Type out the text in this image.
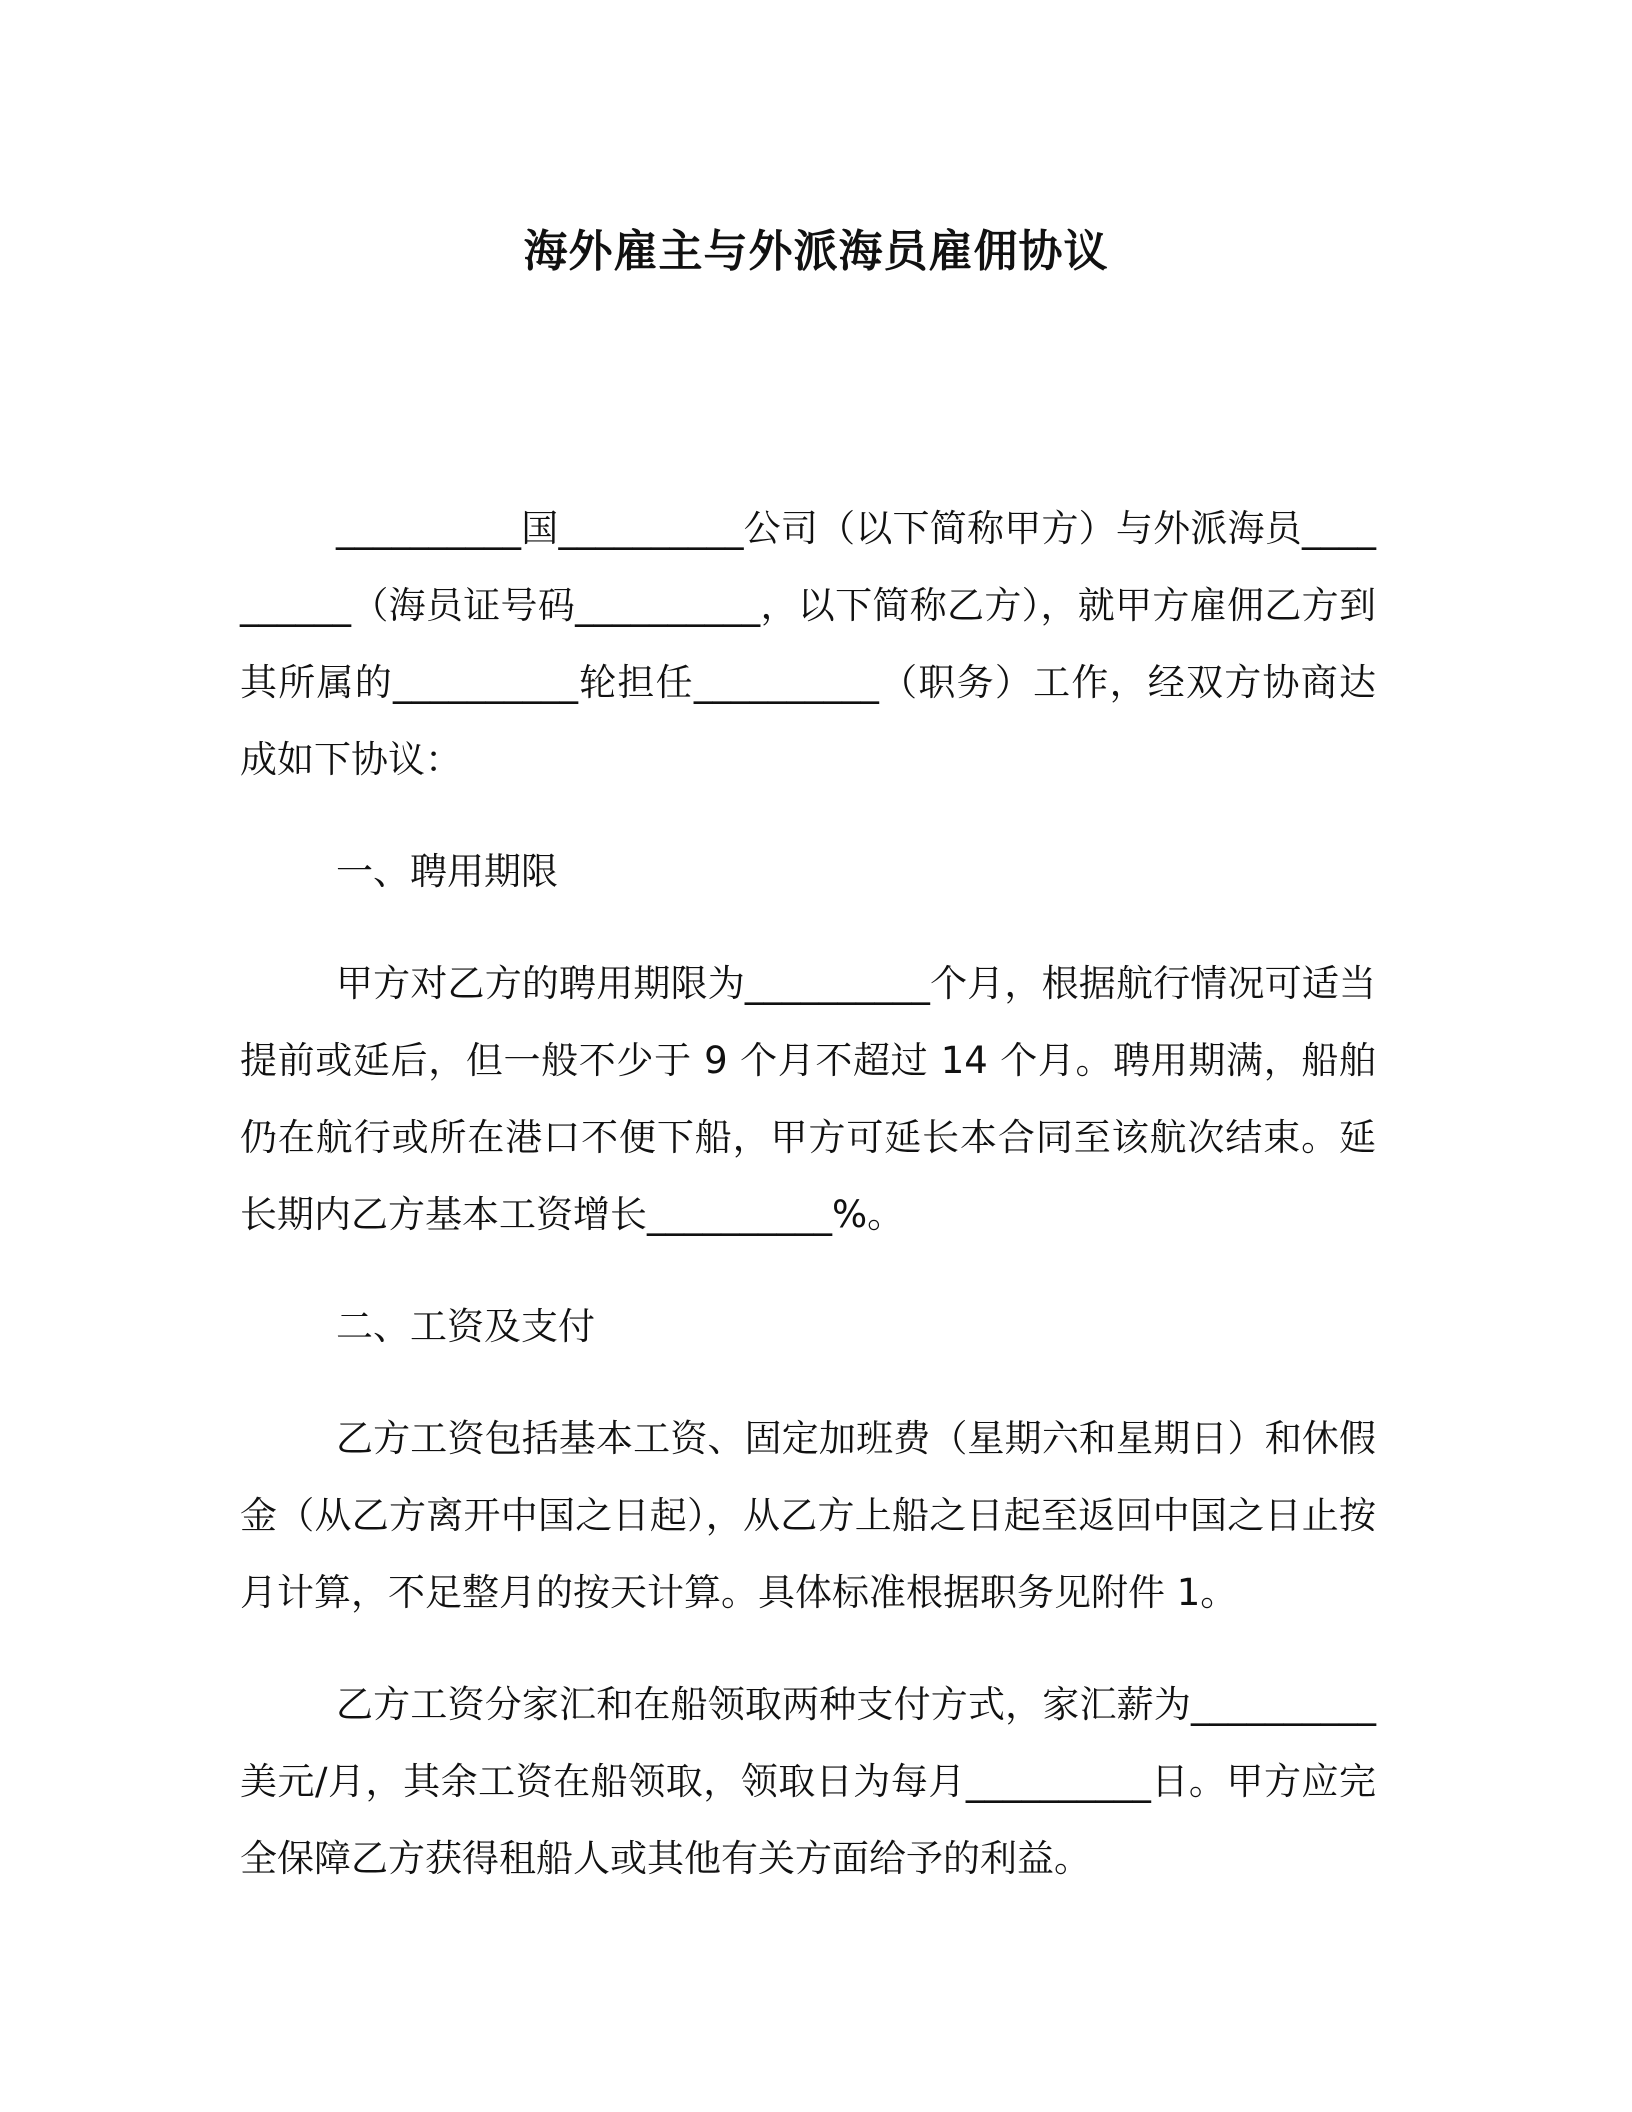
海外雇主与外派海员雇佣协议

__________国__________公司（以下简称甲方）与外派海员__________（海员证号码__________，以下简称乙方），就甲方雇佣乙方到其所属的__________轮担任__________（职务）工作，经双方协商达成如下协议：

一、聘用期限

甲方对乙方的聘用期限为__________个月，根据航行情况可适当提前或延后，但一般不少于 9 个月不超过 14 个月。聘用期满，船舶仍在航行或所在港口不便下船，甲方可延长本合同至该航次结束。延长期内乙方基本工资增长__________%。

二、工资及支付

乙方工资包括基本工资、固定加班费（星期六和星期日）和休假金（从乙方离开中国之日起），从乙方上船之日起至返回中国之日止按月计算，不足整月的按天计算。具体标准根据职务见附件 1。

乙方工资分家汇和在船领取两种支付方式，家汇薪为__________美元/月，其余工资在船领取，领取日为每月__________日。甲方应完全保障乙方获得租船人或其他有关方面给予的利益。
